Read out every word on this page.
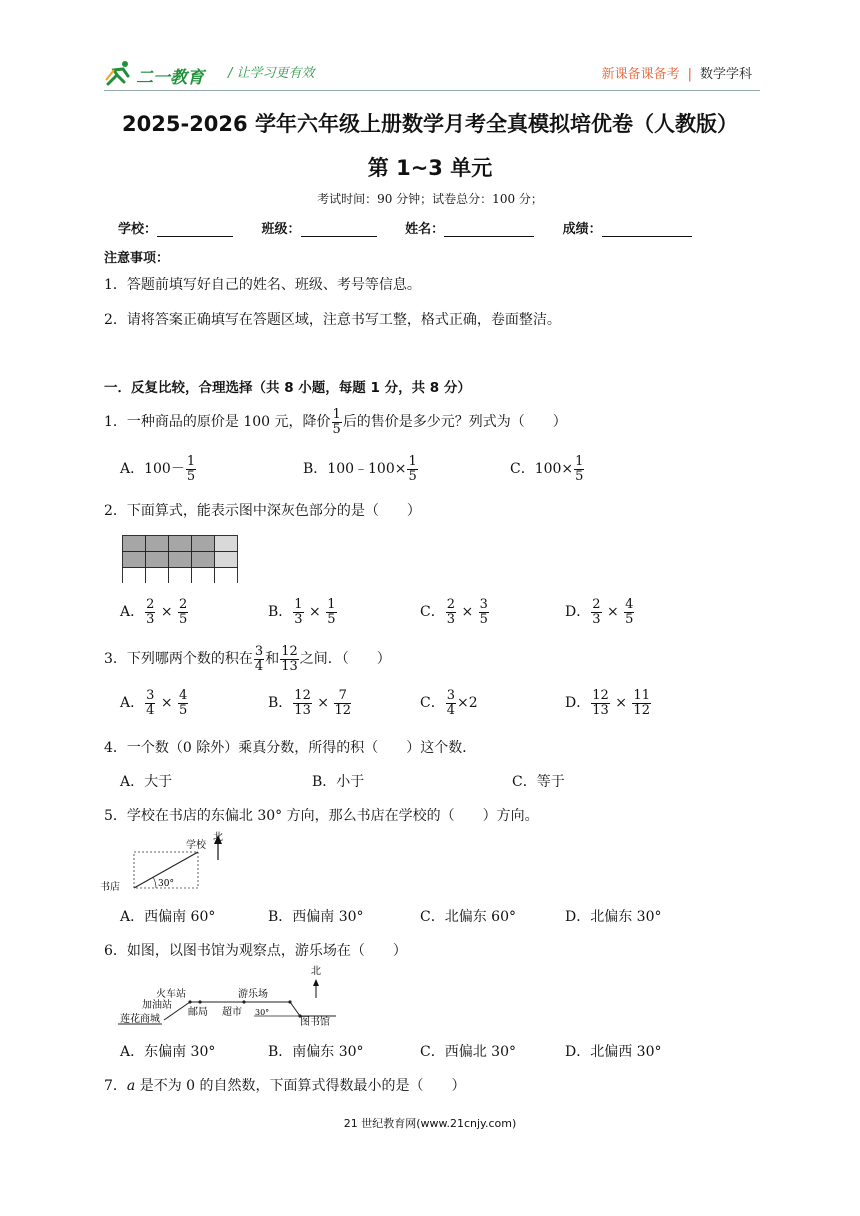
二一教育 / 让学习更有效	新课备课备考 | 数学学科
2025-2026 学年六年级上册数学月考全真模拟培优卷（人教版）
第 1~3 单元
考试时间：90 分钟；试卷总分：100 分；
学校：	班级：	姓名：	成绩：
注意事项：
1．答题前填写好自己的姓名、班级、考号等信息。
2．请将答案正确填写在答题区域，注意书写工整，格式正确，卷面整洁。
一．反复比较，合理选择（共 8 小题，每题 1 分，共 8 分）
1．一种商品的原价是 100 元，降价 $\frac{1}{5}$ 后的售价是多少元？列式为（　　）
A．$100- \frac{1}{5}$	B．100﹣100× $\frac{1}{5}$	C．$100\times \frac{1}{5}$
2．下面算式，能表示图中深灰色部分的是（　　）
A． $\frac{2}{3} \times \frac{2}{5}$	B． $\frac{1}{3} \times \frac{1}{5}$	C． $\frac{2}{3} \times \frac{3}{5}$	D． $\frac{2}{3} \times \frac{4}{5}$
3．下列哪两个数的积在 $\frac{3}{4}$ 和 $\frac{12}{13}$ 之间．（　　）
A． $\frac{3}{4} \times \frac{4}{5}$	B． $\frac{12}{13} \times \frac{7}{12}$	C． $\frac{3}{4} \times 2$	D． $\frac{12}{13} \times \frac{11}{12}$
4．一个数（0 除外）乘真分数，所得的积（　　）这个数．
A．大于	B．小于	C．等于
5．学校在书店的东偏北 30° 方向，那么书店在学校的（　　）方向。
学校
北
书店	30°
A．西偏南 60°	B．西偏南 30°	C．北偏东 60°	D．北偏东 30°
6．如图，以图书馆为观察点，游乐场在（　　）
北
火车站
加油站
莲花商城
邮局 超市
游乐场
30°
图书馆
A．东偏南 30°	B．南偏东 30°	C．西偏北 30°	D．北偏西 30°
7．a 是不为 0 的自然数，下面算式得数最小的是（　　）
21 世纪教育网(www.21cnjy.com)
